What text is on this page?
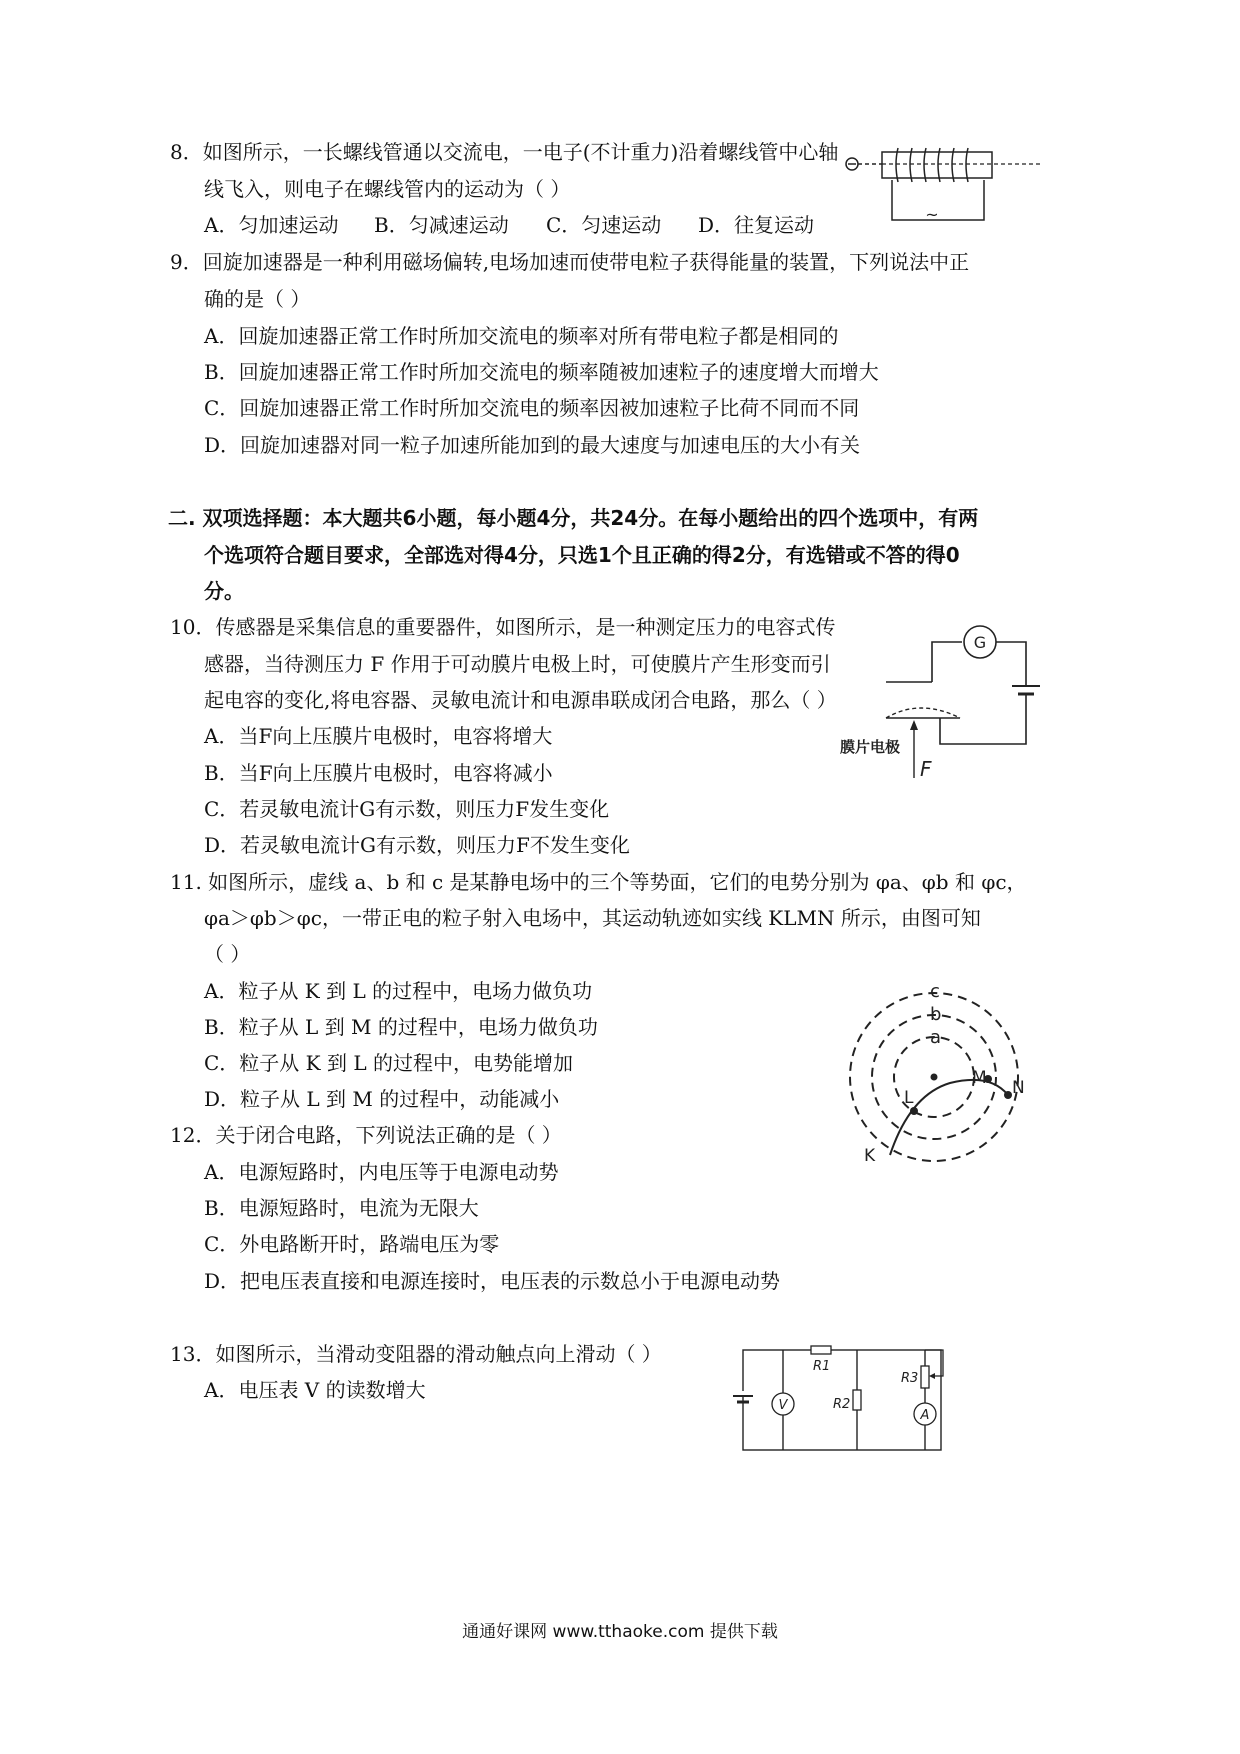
8．如图所示，一长螺线管通以交流电，一电子(不计重力)沿着螺线管中心轴
线飞入，则电子在螺线管内的运动为（ ）
A．匀加速运动 B．匀减速运动 C．匀速运动 D．往复运动	~
9．回旋加速器是一种利用磁场偏转,电场加速而使带电粒子获得能量的装置，下列说法中正
确的是（ ）
A．回旋加速器正常工作时所加交流电的频率对所有带电粒子都是相同的
B．回旋加速器正常工作时所加交流电的频率随被加速粒子的速度增大而增大
C．回旋加速器正常工作时所加交流电的频率因被加速粒子比荷不同而不同
D．回旋加速器对同一粒子加速所能加到的最大速度与加速电压的大小有关
二. 双项选择题：本大题共6小题，每小题4分，共24分。在每小题给出的四个选项中，有两
个选项符合题目要求，全部选对得4分，只选1个且正确的得2分，有选错或不答的得0
分。
10．传感器是采集信息的重要器件，如图所示，是一种测定压力的电容式传
感器，当待测压力 F 作用于可动膜片电极上时，可使膜片产生形变而引
起电容的变化,将电容器、灵敏电流计和电源串联成闭合电路，那么（ ）
A．当F向上压膜片电极时，电容将增大
B．当F向上压膜片电极时，电容将减小
C．若灵敏电流计G有示数，则压力F发生变化
D．若灵敏电流计G有示数，则压力F不发生变化
G
膜片电极
F
11. 如图所示，虚线 a、b 和 c 是某静电场中的三个等势面，它们的电势分别为 φa、φb 和 φc，
φa＞φb＞φc，一带正电的粒子射入电场中，其运动轨迹如实线 KLMN 所示，由图可知
（ ）
A．粒子从 K 到 L 的过程中，电场力做负功
B．粒子从 L 到 M 的过程中，电场力做负功
C．粒子从 K 到 L 的过程中，电势能增加
D．粒子从 L 到 M 的过程中，动能减小
c
b
a
L
M N
K
12．关于闭合电路，下列说法正确的是（ ）
A．电源短路时，内电压等于电源电动势
B．电源短路时，电流为无限大
C．外电路断开时，路端电压为零
D．把电压表直接和电源连接时，电压表的示数总小于电源电动势
13．如图所示，当滑动变阻器的滑动触点向上滑动（ ）
A．电压表 V 的读数增大
R1
V	R2
R3
A
通通好课网 www.tthaoke.com 提供下载
